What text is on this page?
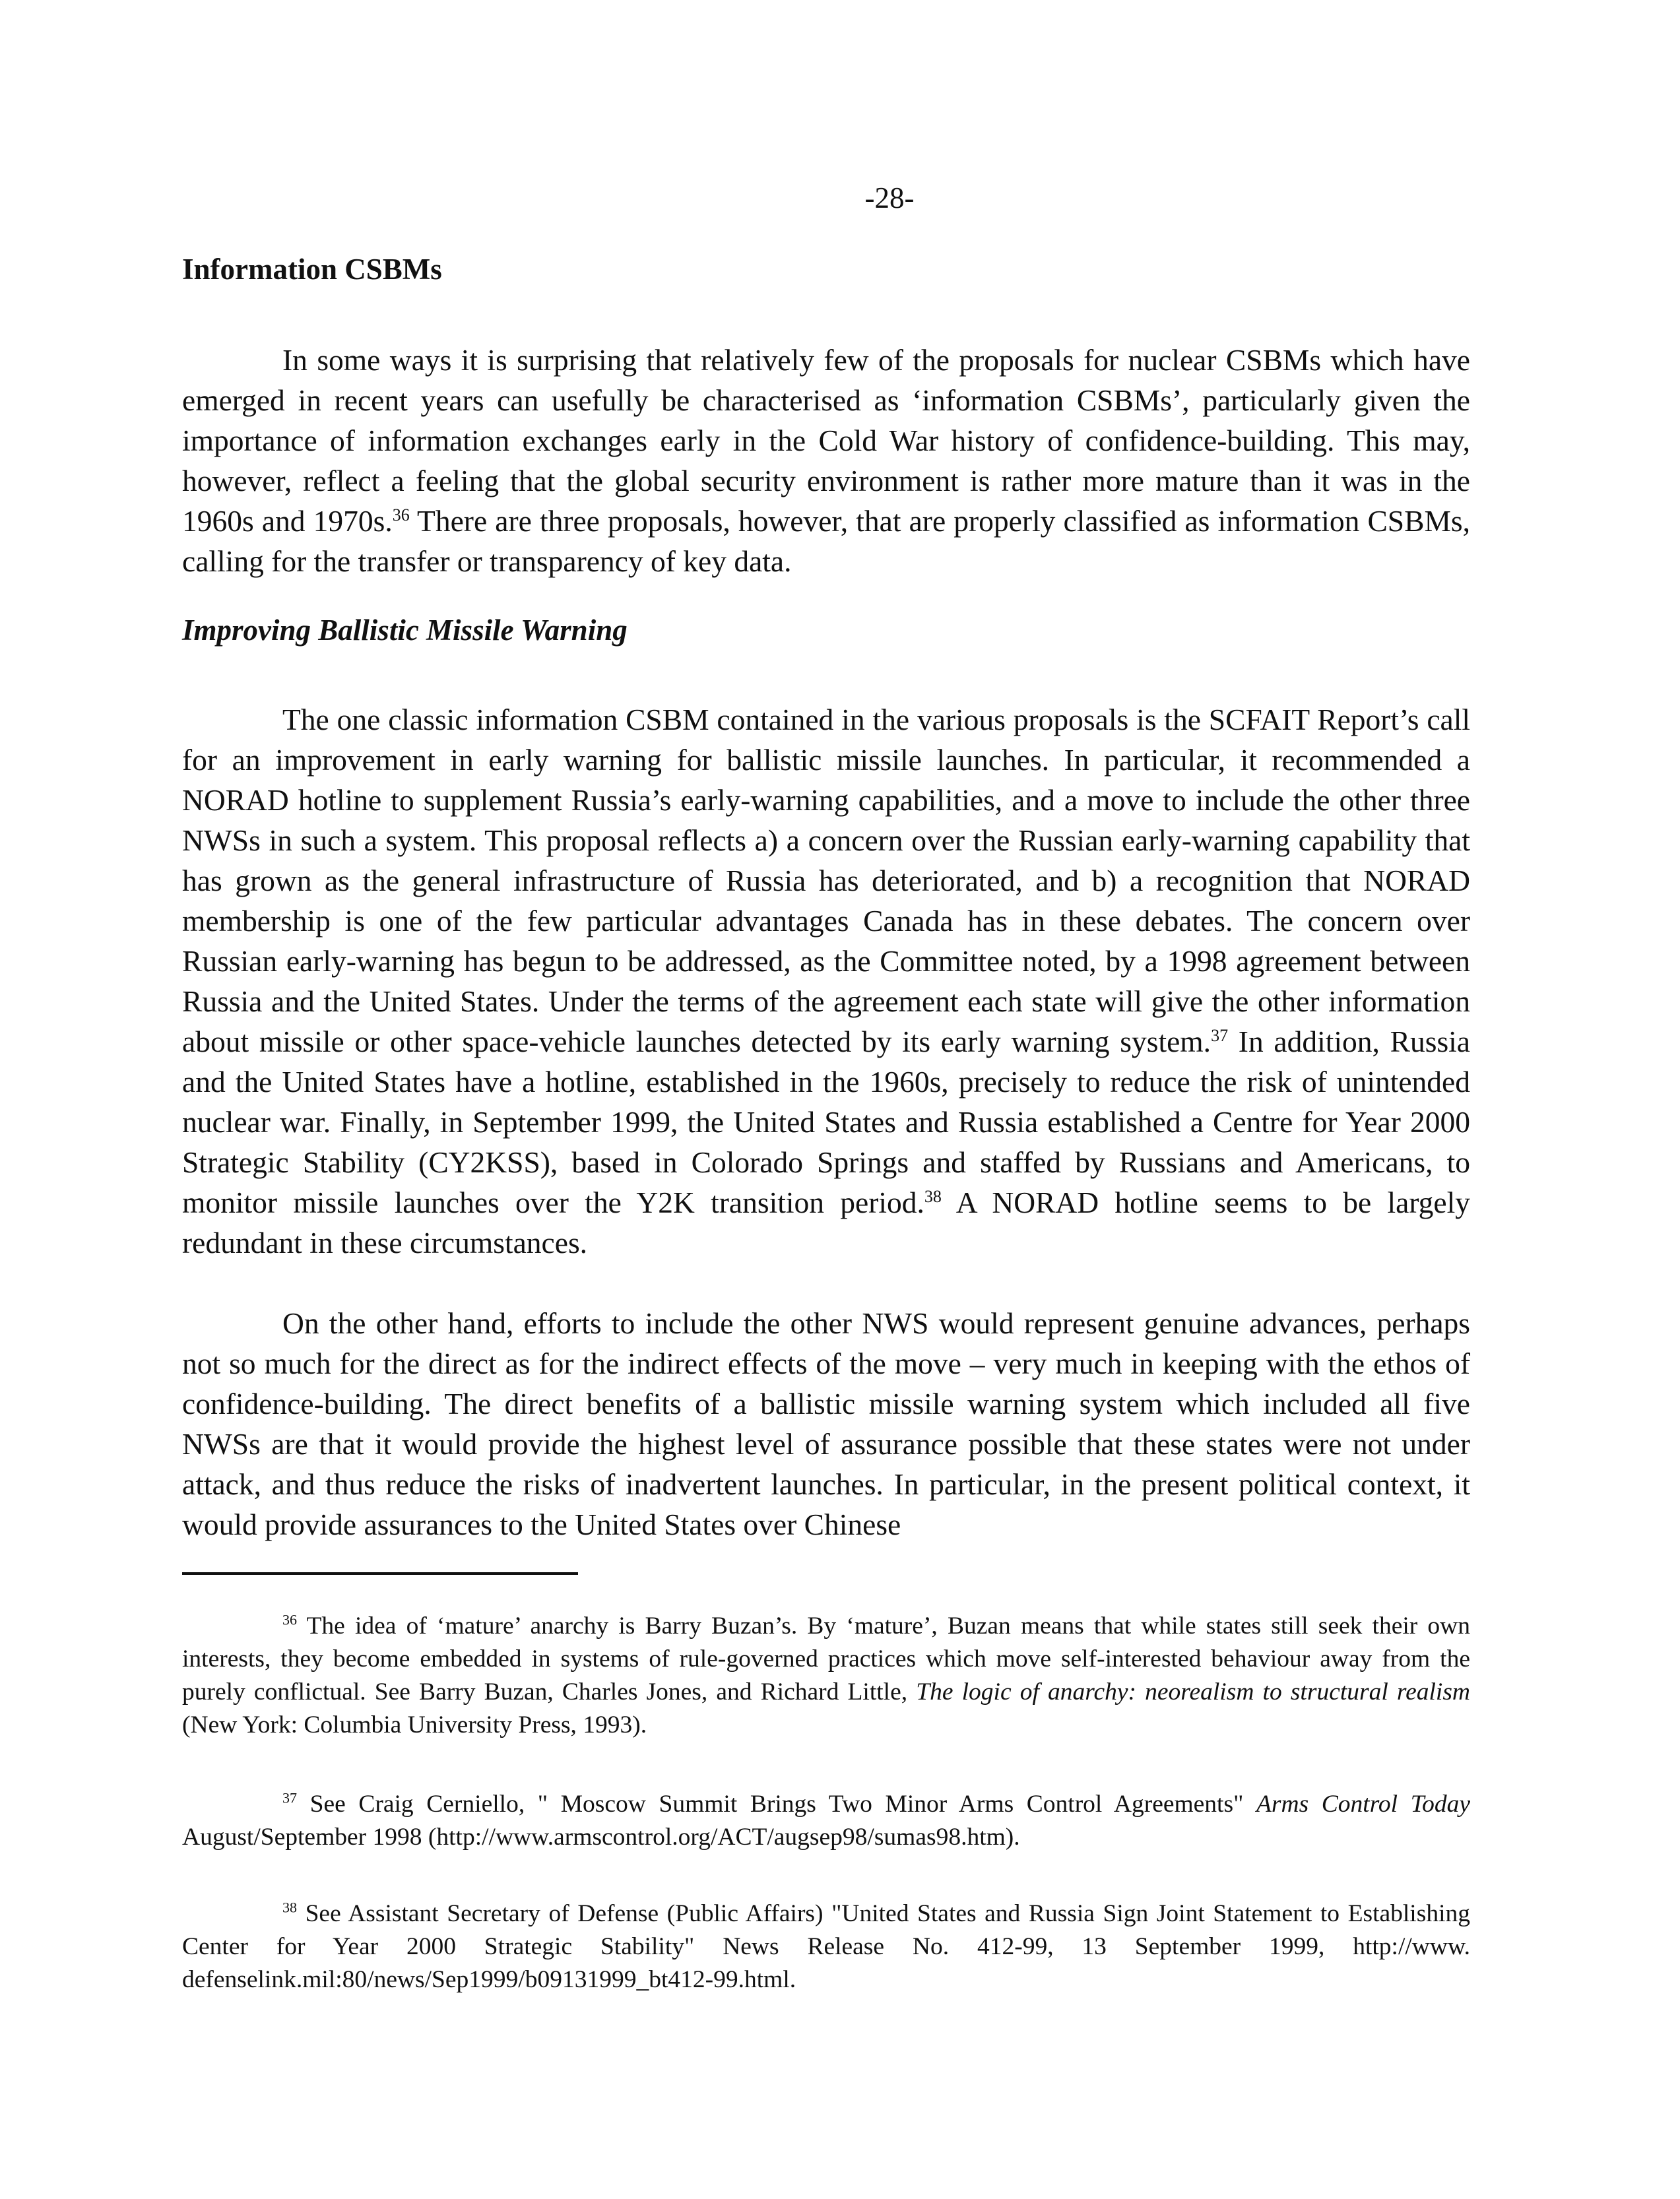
-28-
Information CSBMs

In some ways it is surprising that relatively few of the proposals for nuclear CSBMs which have emerged in recent years can usefully be characterised as ‘information CSBMs’, particularly given the importance of information exchanges early in the Cold War history of confidence-building. This may, however, reflect a feeling that the global security environment is rather more mature than it was in the 1960s and 1970s.$^{36}$ There are three proposals, however, that are properly classified as information CSBMs, calling for the transfer or transparency of key data.

Improving Ballistic Missile Warning

The one classic information CSBM contained in the various proposals is the SCFAIT Report’s call for an improvement in early warning for ballistic missile launches. In particular, it recommended a NORAD hotline to supplement Russia’s early-warning capabilities, and a move to include the other three NWSs in such a system. This proposal reflects a) a concern over the Russian early-warning capability that has grown as the general infrastructure of Russia has deteriorated, and b) a recognition that NORAD membership is one of the few particular advantages Canada has in these debates. The concern over Russian early-warning has begun to be addressed, as the Committee noted, by a 1998 agreement between Russia and the United States. Under the terms of the agreement each state will give the other information about missile or other space-vehicle launches detected by its early warning system.$^{37}$ In addition, Russia and the United States have a hotline, established in the 1960s, precisely to reduce the risk of unintended nuclear war. Finally, in September 1999, the United States and Russia established a Centre for Year 2000 Strategic Stability (CY2KSS), based in Colorado Springs and staffed by Russians and Americans, to monitor missile launches over the Y2K transition period.$^{38}$ A NORAD hotline seems to be largely redundant in these circumstances.

On the other hand, efforts to include the other NWS would represent genuine advances, perhaps not so much for the direct as for the indirect effects of the move – very much in keeping with the ethos of confidence-building. The direct benefits of a ballistic missile warning system which included all five NWSs are that it would provide the highest level of assurance possible that these states were not under attack, and thus reduce the risks of inadvertent launches. In particular, in the present political context, it would provide assurances to the United States over Chinese

$^{36}$ The idea of ‘mature’ anarchy is Barry Buzan’s. By ‘mature’, Buzan means that while states still seek their own interests, they become embedded in systems of rule-governed practices which move self-interested behaviour away from the purely conflictual. See Barry Buzan, Charles Jones, and Richard Little, The logic of anarchy: neorealism to structural realism (New York: Columbia University Press, 1993).

$^{37}$ See Craig Cerniello, " Moscow Summit Brings Two Minor Arms Control Agreements" Arms Control Today August/September 1998 (http://www.armscontrol.org/ACT/augsep98/sumas98.htm).

$^{38}$ See Assistant Secretary of Defense (Public Affairs) "United States and Russia Sign Joint Statement to Establishing Center for Year 2000 Strategic Stability" News Release No. 412-99, 13 September 1999, http://www. defenselink.mil:80/news/Sep1999/b09131999_bt412-99.html.
